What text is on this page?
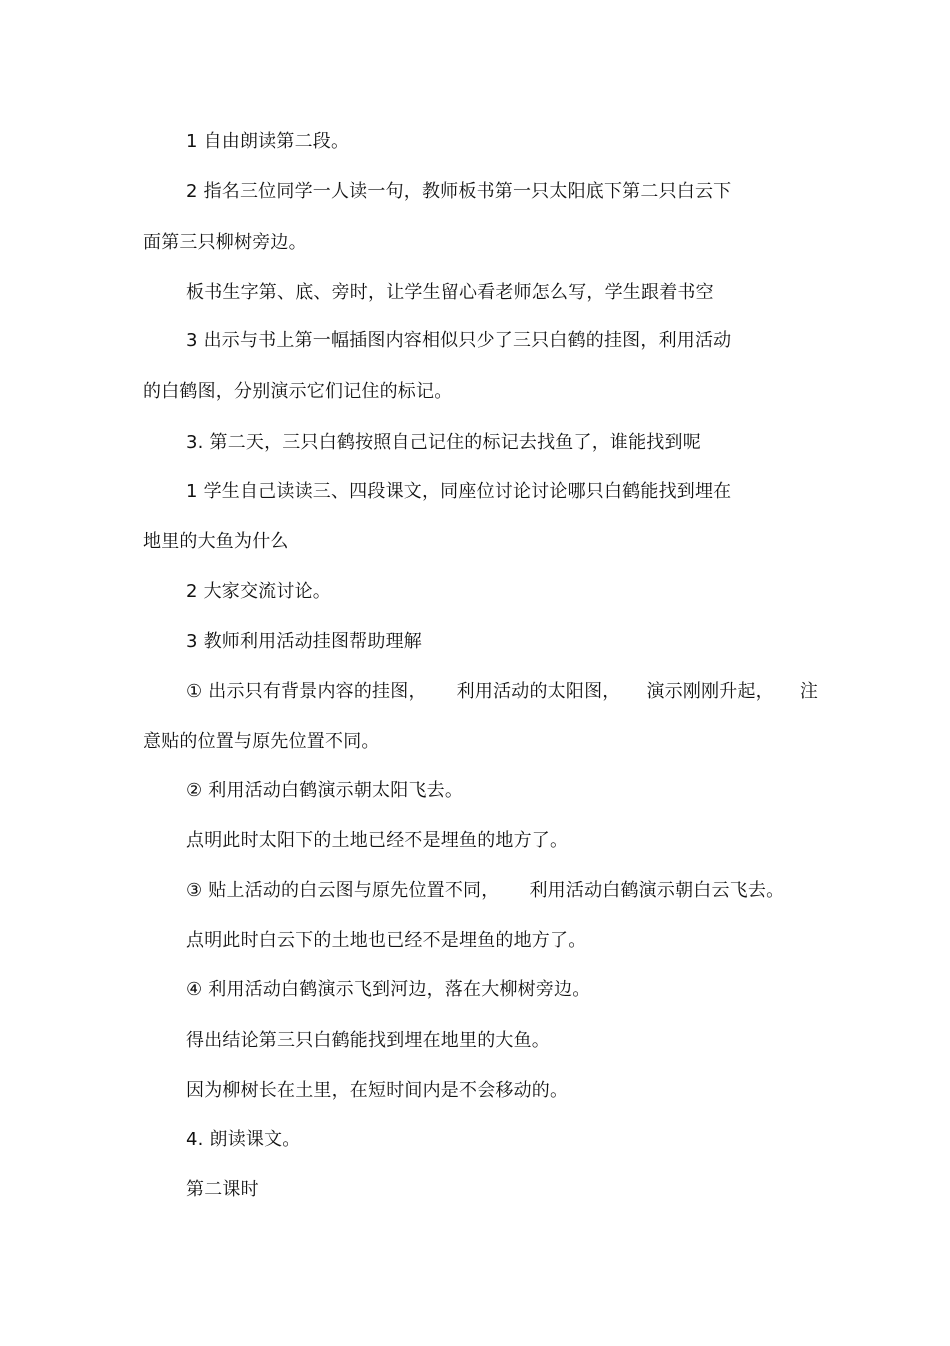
1 自由朗读第二段。
2 指名三位同学一人读一句，教师板书第一只太阳底下第二只白云下
面第三只柳树旁边。
板书生字第、底、旁时，让学生留心看老师怎么写，学生跟着书空
3 出示与书上第一幅插图内容相似只少了三只白鹤的挂图，利用活动
的白鹤图，分别演示它们记住的标记。
3. 第二天，三只白鹤按照自己记住的标记去找鱼了，谁能找到呢
1 学生自己读读三、四段课文，同座位讨论讨论哪只白鹤能找到埋在
地里的大鱼为什么
2 大家交流讨论。
3 教师利用活动挂图帮助理解
① 出示只有背景内容的挂图， 利用活动的太阳图， 演示刚刚升起， 注
意贴的位置与原先位置不同。
② 利用活动白鹤演示朝太阳飞去。
点明此时太阳下的土地已经不是埋鱼的地方了。
③ 贴上活动的白云图与原先位置不同， 利用活动白鹤演示朝白云飞去。
点明此时白云下的土地也已经不是埋鱼的地方了。
④ 利用活动白鹤演示飞到河边，落在大柳树旁边。
得出结论第三只白鹤能找到埋在地里的大鱼。
因为柳树长在土里，在短时间内是不会移动的。
4. 朗读课文。
第二课时
